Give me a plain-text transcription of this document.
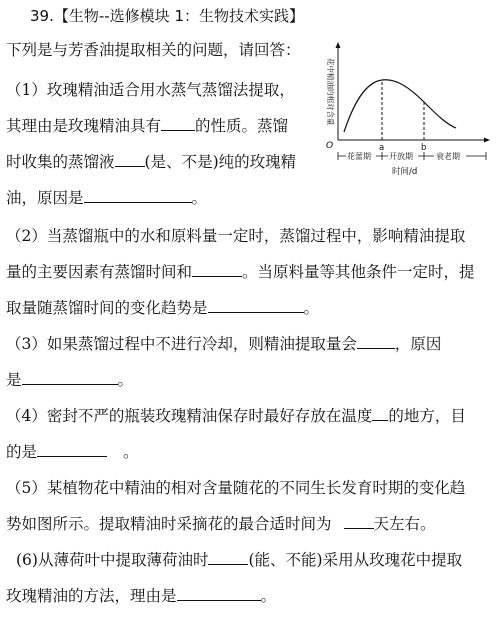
39.【生物--选修模块 1：生物技术实践】
下列是与芳香油提取相关的问题，请回答：
（1）玫瑰精油适合用水蒸气蒸馏法提取，
其理由是玫瑰精油具有 的性质。蒸馏
时收集的蒸馏液 (是、不是)纯的玫瑰精
油，原因是	。
（2）当蒸馏瓶中的水和原料量一定时，蒸馏过程中，影响精油提取
量的主要因素有蒸馏时间和	。当原料量等其他条件一定时，提
取量随蒸馏时间的变化趋势是	。
（3）如果蒸馏过程中不进行冷却，则精油提取量会 ，原因
是	。
（4）密封不严的瓶装玫瑰精油保存时最好存放在温度 的地方，目
的是	。
（5）某植物花中精油的相对含量随花的不同生长发育时期的变化趋
势如图所示。提取精油时采摘花的最合适时间为	天左右。
(6)从薄荷叶中提取薄荷油时	(能、不能)采用从玫瑰花中提取
玫瑰精油的方法，理由是	。
花中精油的相对含量
O	a	b
花蕾期 开放期	衰老期
时间/d
